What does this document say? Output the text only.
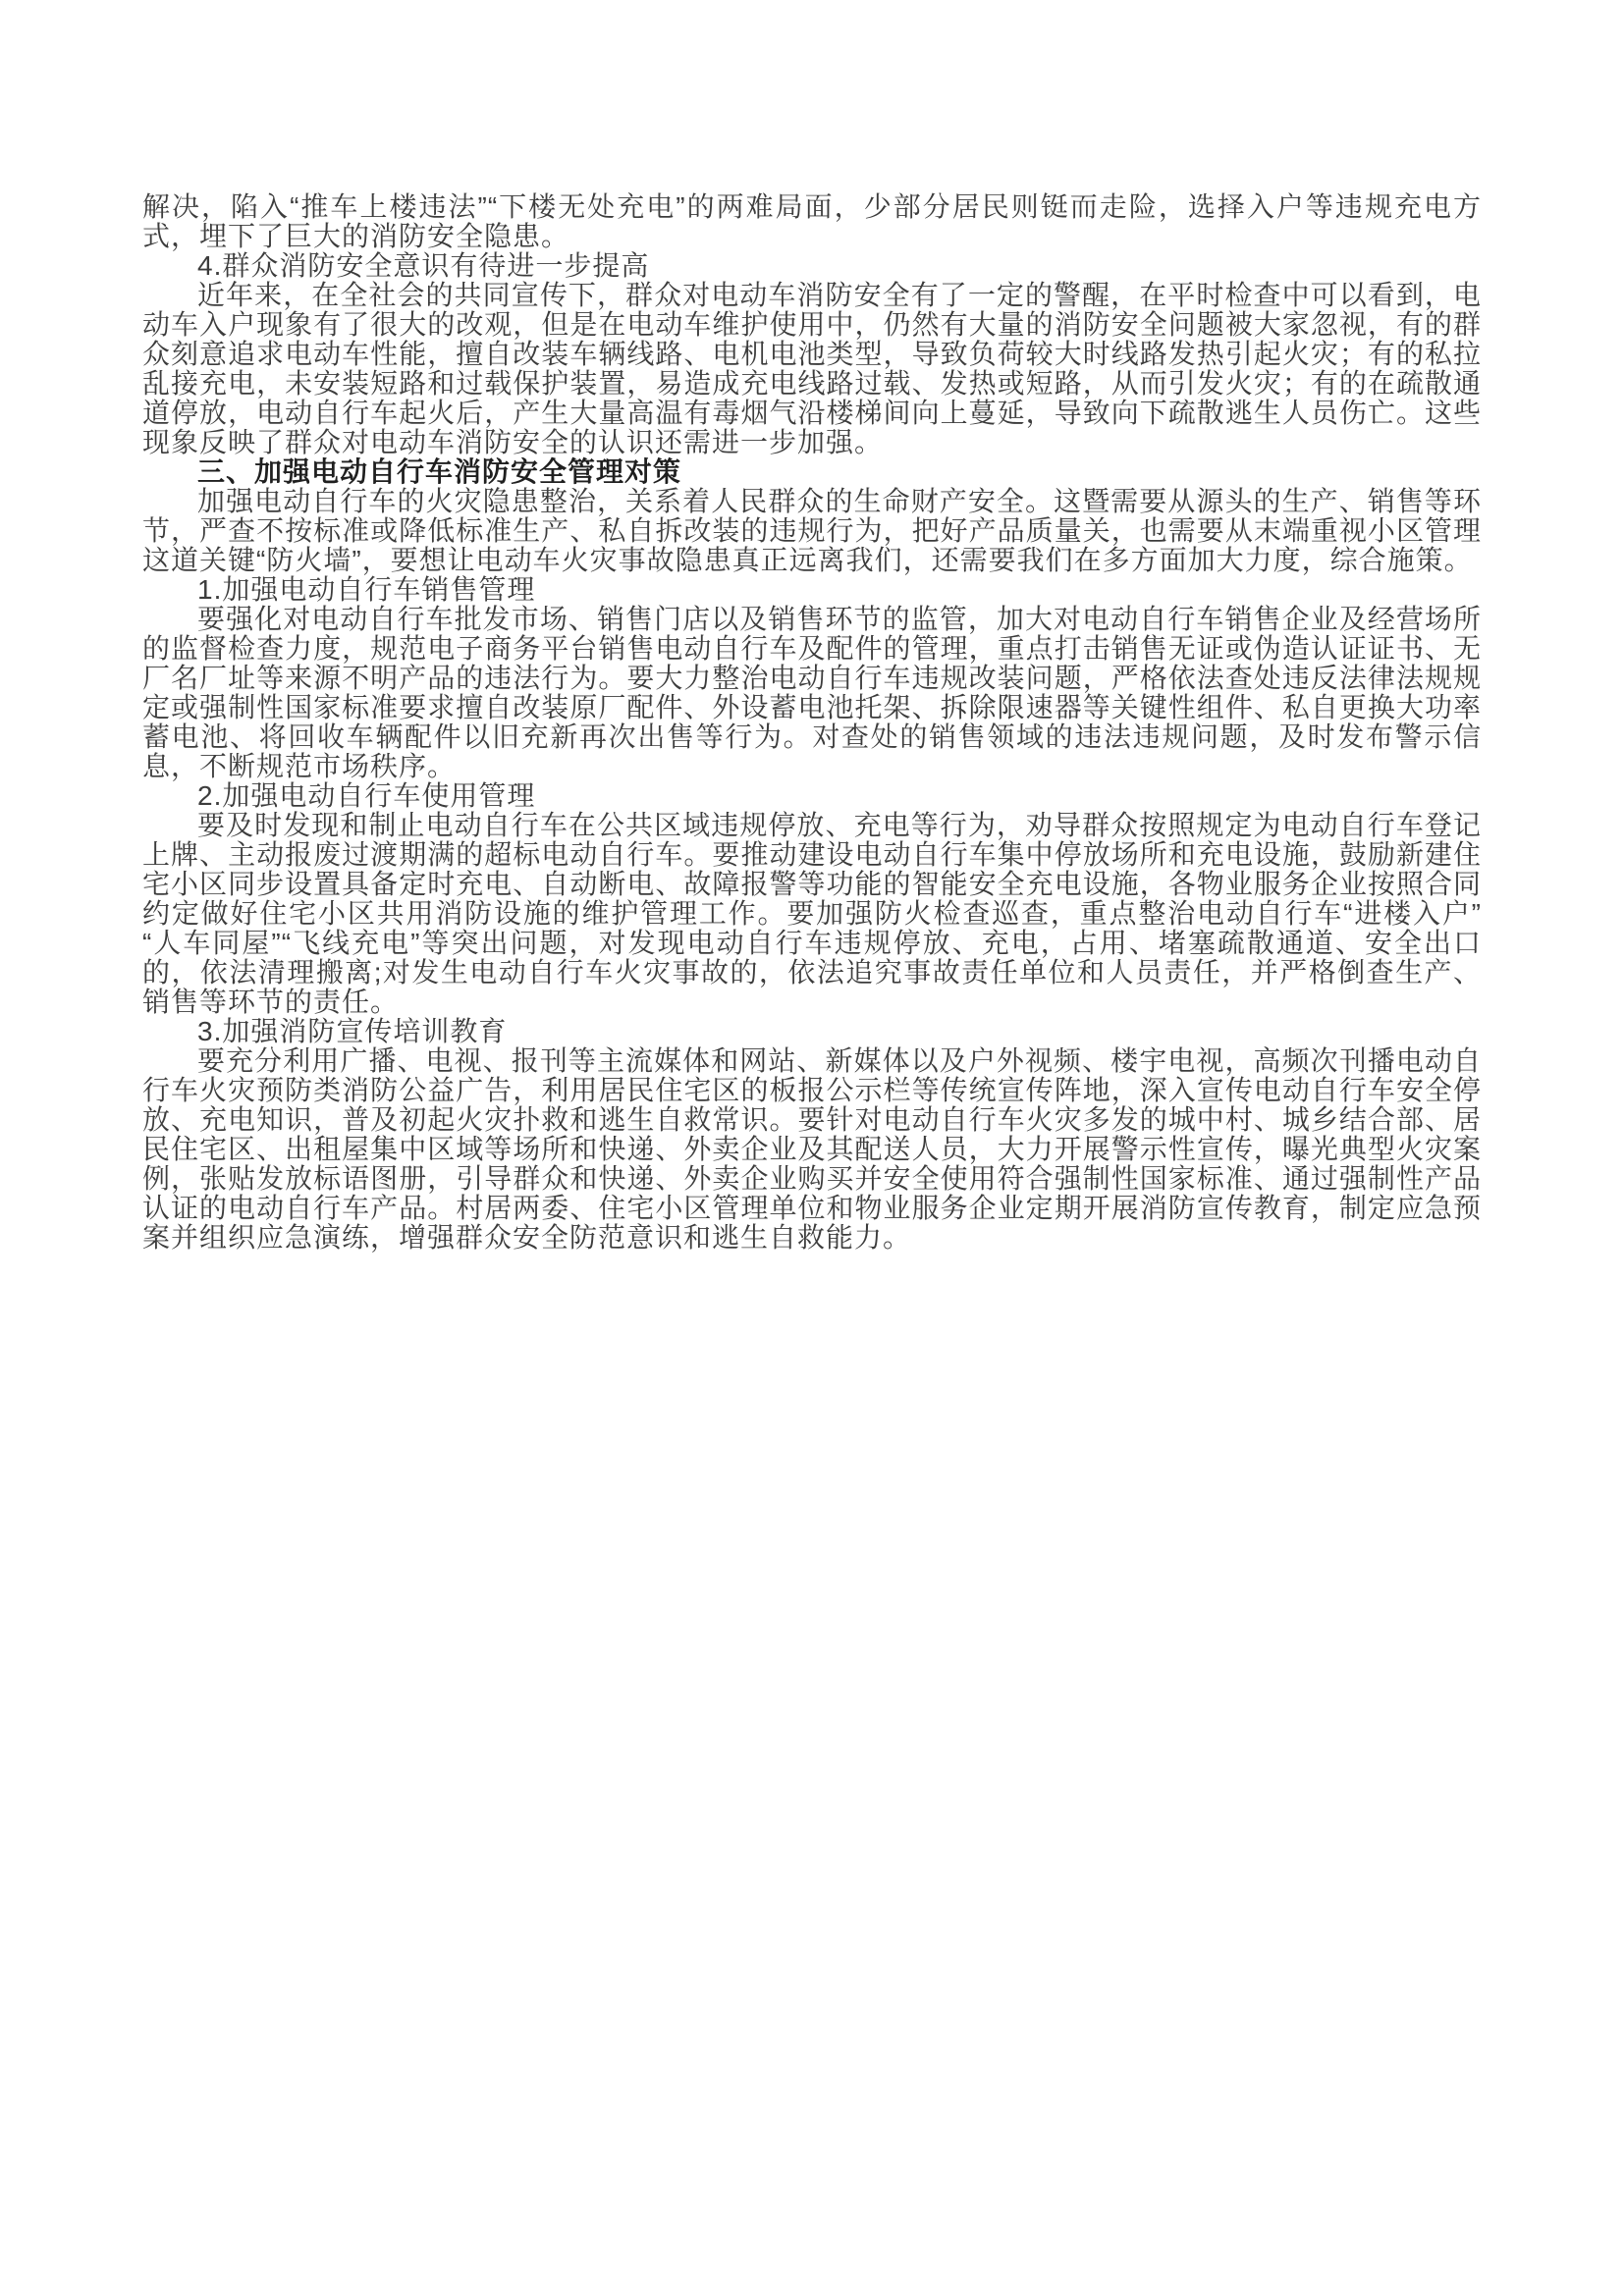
解决，陷入“推车上楼违法”“下楼无处充电”的两难局面，少部分居民则铤而走险，选择入户等违规充电方式，埋下了巨大的消防安全隐患。

4.群众消防安全意识有待进一步提高

近年来，在全社会的共同宣传下，群众对电动车消防安全有了一定的警醒，在平时检查中可以看到，电动车入户现象有了很大的改观，但是在电动车维护使用中，仍然有大量的消防安全问题被大家忽视，有的群众刻意追求电动车性能，擅自改装车辆线路、电机电池类型，导致负荷较大时线路发热引起火灾；有的私拉乱接充电，未安装短路和过载保护装置，易造成充电线路过载、发热或短路，从而引发火灾；有的在疏散通道停放，电动自行车起火后，产生大量高温有毒烟气沿楼梯间向上蔓延，导致向下疏散逃生人员伤亡。这些现象反映了群众对电动车消防安全的认识还需进一步加强。

三、加强电动自行车消防安全管理对策

加强电动自行车的火灾隐患整治，关系着人民群众的生命财产安全。这暨需要从源头的生产、销售等环节，严查不按标准或降低标准生产、私自拆改装的违规行为，把好产品质量关，也需要从末端重视小区管理这道关键“防火墙”，要想让电动车火灾事故隐患真正远离我们，还需要我们在多方面加大力度，综合施策。

1.加强电动自行车销售管理

要强化对电动自行车批发市场、销售门店以及销售环节的监管，加大对电动自行车销售企业及经营场所的监督检查力度，规范电子商务平台销售电动自行车及配件的管理，重点打击销售无证或伪造认证证书、无厂名厂址等来源不明产品的违法行为。要大力整治电动自行车违规改装问题，严格依法查处违反法律法规规定或强制性国家标准要求擅自改装原厂配件、外设蓄电池托架、拆除限速器等关键性组件、私自更换大功率蓄电池、将回收车辆配件以旧充新再次出售等行为。对查处的销售领域的违法违规问题，及时发布警示信息，不断规范市场秩序。

2.加强电动自行车使用管理

要及时发现和制止电动自行车在公共区域违规停放、充电等行为，劝导群众按照规定为电动自行车登记上牌、主动报废过渡期满的超标电动自行车。要推动建设电动自行车集中停放场所和充电设施，鼓励新建住宅小区同步设置具备定时充电、自动断电、故障报警等功能的智能安全充电设施，各物业服务企业按照合同约定做好住宅小区共用消防设施的维护管理工作。要加强防火检查巡查，重点整治电动自行车“进楼入户”“人车同屋”“飞线充电”等突出问题，对发现电动自行车违规停放、充电，占用、堵塞疏散通道、安全出口的，依法清理搬离;对发生电动自行车火灾事故的，依法追究事故责任单位和人员责任，并严格倒查生产、销售等环节的责任。

3.加强消防宣传培训教育

要充分利用广播、电视、报刊等主流媒体和网站、新媒体以及户外视频、楼宇电视，高频次刊播电动自行车火灾预防类消防公益广告，利用居民住宅区的板报公示栏等传统宣传阵地，深入宣传电动自行车安全停放、充电知识，普及初起火灾扑救和逃生自救常识。要针对电动自行车火灾多发的城中村、城乡结合部、居民住宅区、出租屋集中区域等场所和快递、外卖企业及其配送人员，大力开展警示性宣传，曝光典型火灾案例，张贴发放标语图册，引导群众和快递、外卖企业购买并安全使用符合强制性国家标准、通过强制性产品认证的电动自行车产品。村居两委、住宅小区管理单位和物业服务企业定期开展消防宣传教育，制定应急预案并组织应急演练，增强群众安全防范意识和逃生自救能力。
